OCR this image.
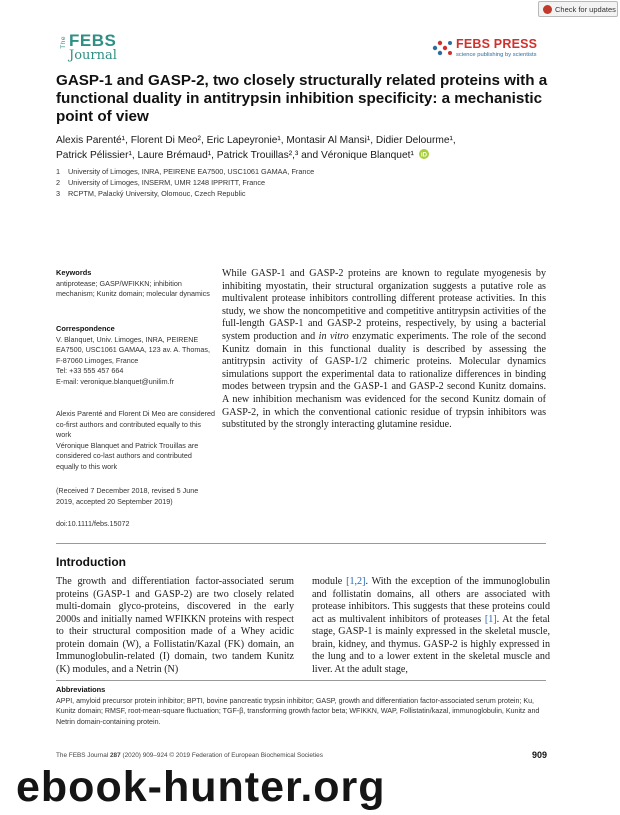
Check for updates
The FEBS
Journal
FEBS PRESS
science publishing by scientists
GASP-1 and GASP-2, two closely structurally related proteins with a functional duality in antitrypsin inhibition specificity: a mechanistic point of view
Alexis Parenté¹, Florent Di Meo², Eric Lapeyronie¹, Montasir Al Mansi¹, Didier Delourme¹,
Patrick Pélissier¹, Laure Brémaud¹, Patrick Trouillas²,³ and Véronique Blanquet¹ iD
1 University of Limoges, INRA, PEIRENE EA7500, USC1061 GAMAA, France
2 University of Limoges, INSERM, UMR 1248 IPPRITT, France
3 RCPTM, Palacký University, Olomouc, Czech Republic
Keywords
antiprotease; GASP/WFIKKN; inhibition mechanism; Kunitz domain; molecular dynamics
Correspondence
V. Blanquet, Univ. Limoges, INRA, PEIRENE EA7500, USC1061 GAMAA, 123 av. A. Thomas, F-87060 Limoges, France
Tel: +33 555 457 664
E-mail: veronique.blanquet@unilim.fr
Alexis Parenté and Florent Di Meo are considered co-first authors and contributed equally to this work
Véronique Blanquet and Patrick Trouillas are considered co-last authors and contributed equally to this work
(Received 7 December 2018, revised 5 June 2019, accepted 20 September 2019)
doi:10.1111/febs.15072
While GASP-1 and GASP-2 proteins are known to regulate myogenesis by inhibiting myostatin, their structural organization suggests a putative role as multivalent protease inhibitors controlling different protease activities. In this study, we show the noncompetitive and competitive antitrypsin activities of the full-length GASP-1 and GASP-2 proteins, respectively, by using a bacterial system production and in vitro enzymatic experiments. The role of the second Kunitz domain in this functional duality is described by assessing the antitrypsin activity of GASP-1/2 chimeric proteins. Molecular dynamics simulations support the experimental data to rationalize differences in binding modes between trypsin and the GASP-1 and GASP-2 second Kunitz domains. A new inhibition mechanism was evidenced for the second Kunitz domain of GASP-2, in which the conventional cationic residue of trypsin inhibitors was substituted by the strongly interacting glutamine residue.
Introduction
The growth and differentiation factor-associated serum proteins (GASP-1 and GASP-2) are two closely related multi-domain glyco-proteins, discovered in the early 2000s and initially named WFIKKN proteins with respect to their structural composition made of a Whey acidic protein domain (W), a Follistatin/Kazal (FK) domain, an Immunoglobulin-related (I) domain, two tandem Kunitz (K) modules, and a Netrin (N)
module [1,2]. With the exception of the immunoglobulin and follistatin domains, all others are associated with protease inhibitors. This suggests that these proteins could act as multivalent inhibitors of proteases [1]. At the fetal stage, GASP-1 is mainly expressed in the skeletal muscle, brain, kidney, and thymus. GASP-2 is highly expressed in the lung and to a lower extent in the skeletal muscle and liver. At the adult stage,
Abbreviations
APPI, amyloid precursor protein inhibitor; BPTI, bovine pancreatic trypsin inhibitor; GASP, growth and differentiation factor-associated serum protein; Ku, Kunitz domain; RMSF, root-mean-square fluctuation; TGF-β, transforming growth factor beta; WFIKKN, WAP, Follistatin/kazal, immunoglobulin, Kunitz and Netrin domain-containing protein.
The FEBS Journal 287 (2020) 909–924 © 2019 Federation of European Biochemical Societies	909
ebook-hunter.org
